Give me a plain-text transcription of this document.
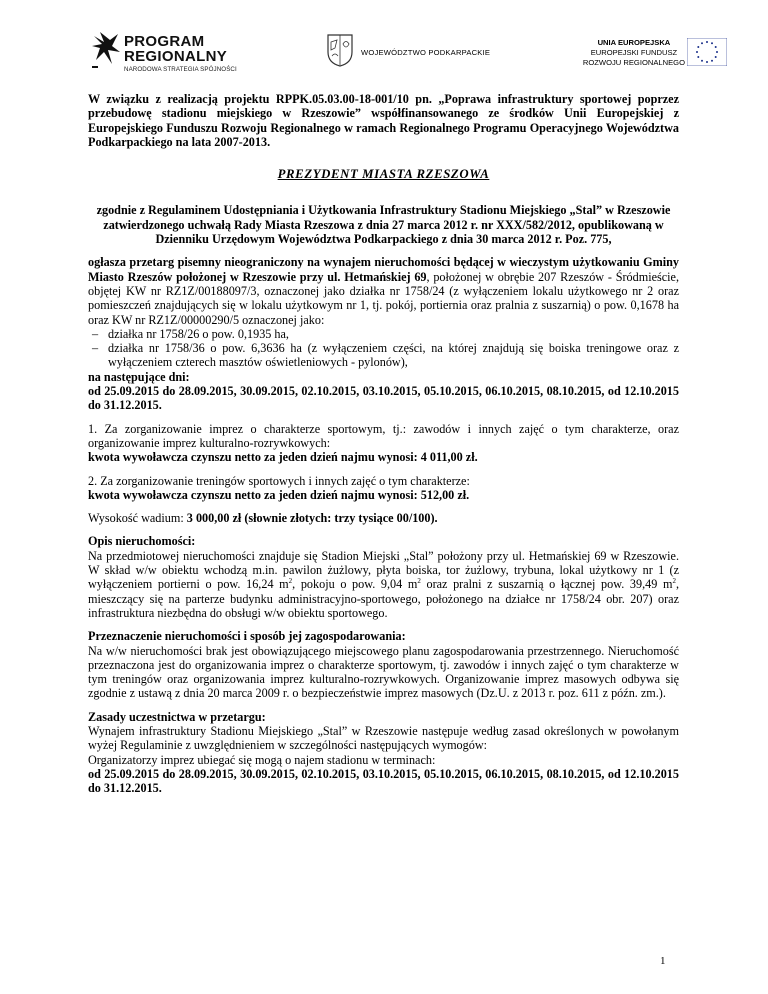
PROGRAM
REGIONALNY
NARODOWA STRATEGIA SPÓJNOŚCI
WOJEWÓDZTWO PODKARPACKIE
UNIA EUROPEJSKA
EUROPEJSKI FUNDUSZ
ROZWOJU REGIONALNEGO

W związku z realizacją projektu RPPK.05.03.00-18-001/10 pn. „Poprawa infrastruktury sportowej poprzez przebudowę stadionu miejskiego w Rzeszowie” współfinansowanego ze środków Unii Europejskiej z Europejskiego Funduszu Rozwoju Regionalnego w ramach Regionalnego Programu Operacyjnego Województwa Podkarpackiego na lata 2007-2013.

PREZYDENT MIASTA RZESZOWA

zgodnie z Regulaminem Udostępniania i Użytkowania Infrastruktury Stadionu Miejskiego „Stal” w Rzeszowie zatwierdzonego uchwałą Rady Miasta Rzeszowa z dnia 27 marca 2012 r. nr XXX/582/2012, opublikowaną w Dzienniku Urzędowym Województwa Podkarpackiego z dnia 30 marca 2012 r. Poz. 775,

ogłasza przetarg pisemny nieograniczony na wynajem nieruchomości będącej w wieczystym użytkowaniu Gminy Miasto Rzeszów położonej w Rzeszowie przy ul. Hetmańskiej 69, położonej w obrębie 207 Rzeszów - Śródmieście, objętej KW nr RZ1Z/00188097/3, oznaczonej jako działka nr 1758/24 (z wyłączeniem lokalu użytkowego nr 2 oraz pomieszczeń znajdujących się w lokalu użytkowym nr 1, tj. pokój, portiernia oraz pralnia z suszarnią) o pow. 0,1678 ha oraz KW nr RZ1Z/00000290/5 oznaczonej jako:
– działka nr 1758/26 o pow. 0,1935 ha,
– działka nr 1758/36 o pow. 6,3636 ha (z wyłączeniem części, na której znajdują się boiska treningowe oraz z wyłączeniem czterech masztów oświetleniowych - pylonów),

na następujące dni:

od 25.09.2015 do 28.09.2015, 30.09.2015, 02.10.2015, 03.10.2015, 05.10.2015, 06.10.2015, 08.10.2015, od 12.10.2015 do 31.12.2015.

1. Za zorganizowanie imprez o charakterze sportowym, tj.: zawodów i innych zajęć o tym charakterze, oraz organizowanie imprez kulturalno-rozrywkowych:

kwota wywoławcza czynszu netto za jeden dzień najmu wynosi: 4 011,00 zł.

2. Za zorganizowanie treningów sportowych i innych zajęć o tym charakterze:

kwota wywoławcza czynszu netto za jeden dzień najmu wynosi: 512,00 zł.

Wysokość wadium: 3 000,00 zł (słownie złotych: trzy tysiące 00/100).

Opis nieruchomości:

Na przedmiotowej nieruchomości znajduje się Stadion Miejski „Stal” położony przy ul. Hetmańskiej 69 w Rzeszowie. W skład w/w obiektu wchodzą m.in. pawilon żużlowy, płyta boiska, tor żużlowy, trybuna, lokal użytkowy nr 1 (z wyłączeniem portierni o pow. 16,24 $m^2$, pokoju o pow. 9,04 $m^2$ oraz pralni z suszarnią o łącznej pow. 39,49 $m^2$, mieszczący się na parterze budynku administracyjno-sportowego, położonego na działce nr 1758/24 obr. 207) oraz infrastruktura niezbędna do obsługi w/w obiektu sportowego.

Przeznaczenie nieruchomości i sposób jej zagospodarowania:

Na w/w nieruchomości brak jest obowiązującego miejscowego planu zagospodarowania przestrzennego. Nieruchomość przeznaczona jest do organizowania imprez o charakterze sportowym, tj. zawodów i innych zajęć o tym charakterze w tym treningów oraz organizowania imprez kulturalno-rozrywkowych. Organizowanie imprez masowych odbywa się zgodnie z ustawą z dnia 20 marca 2009 r. o bezpieczeństwie imprez masowych (Dz.U. z 2013 r. poz. 611 z późn. zm.).

Zasady uczestnictwa w przetargu:

Wynajem infrastruktury Stadionu Miejskiego „Stal” w Rzeszowie następuje według zasad określonych w powołanym wyżej Regulaminie z uwzględnieniem w szczególności następujących wymogów:

Organizatorzy imprez ubiegać się mogą o najem stadionu w terminach:

od 25.09.2015 do 28.09.2015, 30.09.2015, 02.10.2015, 03.10.2015, 05.10.2015, 06.10.2015, 08.10.2015, od 12.10.2015 do 31.12.2015.

1
